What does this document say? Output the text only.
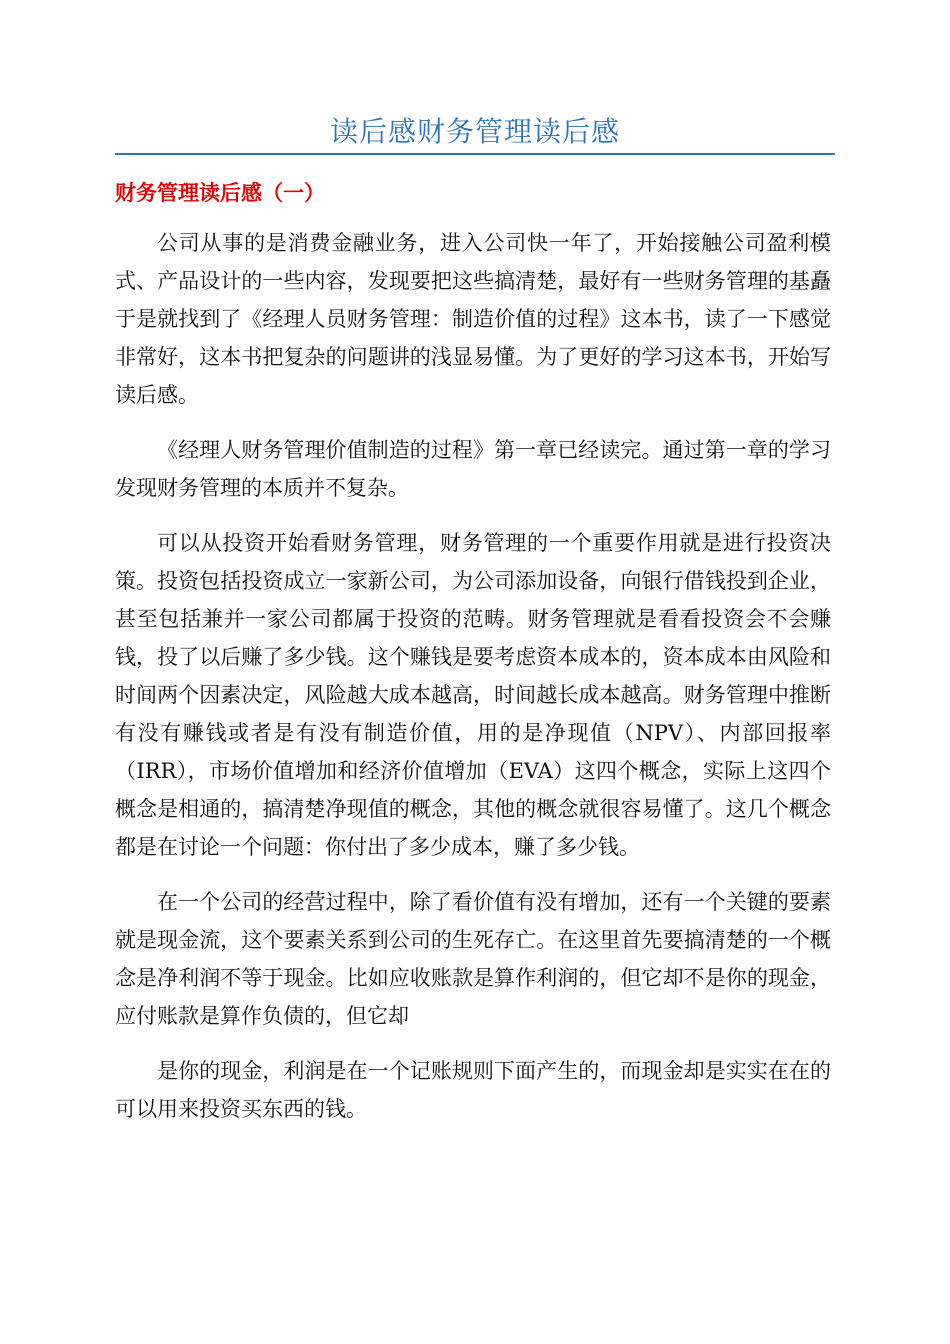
读后感财务管理读后感
财务管理读后感（一）

公司从事的是消费金融业务，进入公司快一年了，开始接触公司盈利模式、产品设计的一些内容，发现要把这些搞清楚，最好有一些财务管理的基矗于是就找到了《经理人员财务管理：制造价值的过程》这本书，读了一下感觉非常好，这本书把复杂的问题讲的浅显易懂。为了更好的学习这本书，开始写读后感。

《经理人财务管理价值制造的过程》第一章已经读完。通过第一章的学习发现财务管理的本质并不复杂。

可以从投资开始看财务管理，财务管理的一个重要作用就是进行投资决策。投资包括投资成立一家新公司，为公司添加设备，向银行借钱投到企业，甚至包括兼并一家公司都属于投资的范畴。财务管理就是看看投资会不会赚钱，投了以后赚了多少钱。这个赚钱是要考虑资本成本的，资本成本由风险和时间两个因素决定，风险越大成本越高，时间越长成本越高。财务管理中推断有没有赚钱或者是有没有制造价值，用的是净现值（NPV）、内部回报率（IRR），市场价值增加和经济价值增加（EVA）这四个概念，实际上这四个概念是相通的，搞清楚净现值的概念，其他的概念就很容易懂了。这几个概念都是在讨论一个问题：你付出了多少成本，赚了多少钱。

在一个公司的经营过程中，除了看价值有没有增加，还有一个关键的要素就是现金流，这个要素关系到公司的生死存亡。在这里首先要搞清楚的一个概念是净利润不等于现金。比如应收账款是算作利润的，但它却不是你的现金，应付账款是算作负债的，但它却

是你的现金，利润是在一个记账规则下面产生的，而现金却是实实在在的可以用来投资买东西的钱。
